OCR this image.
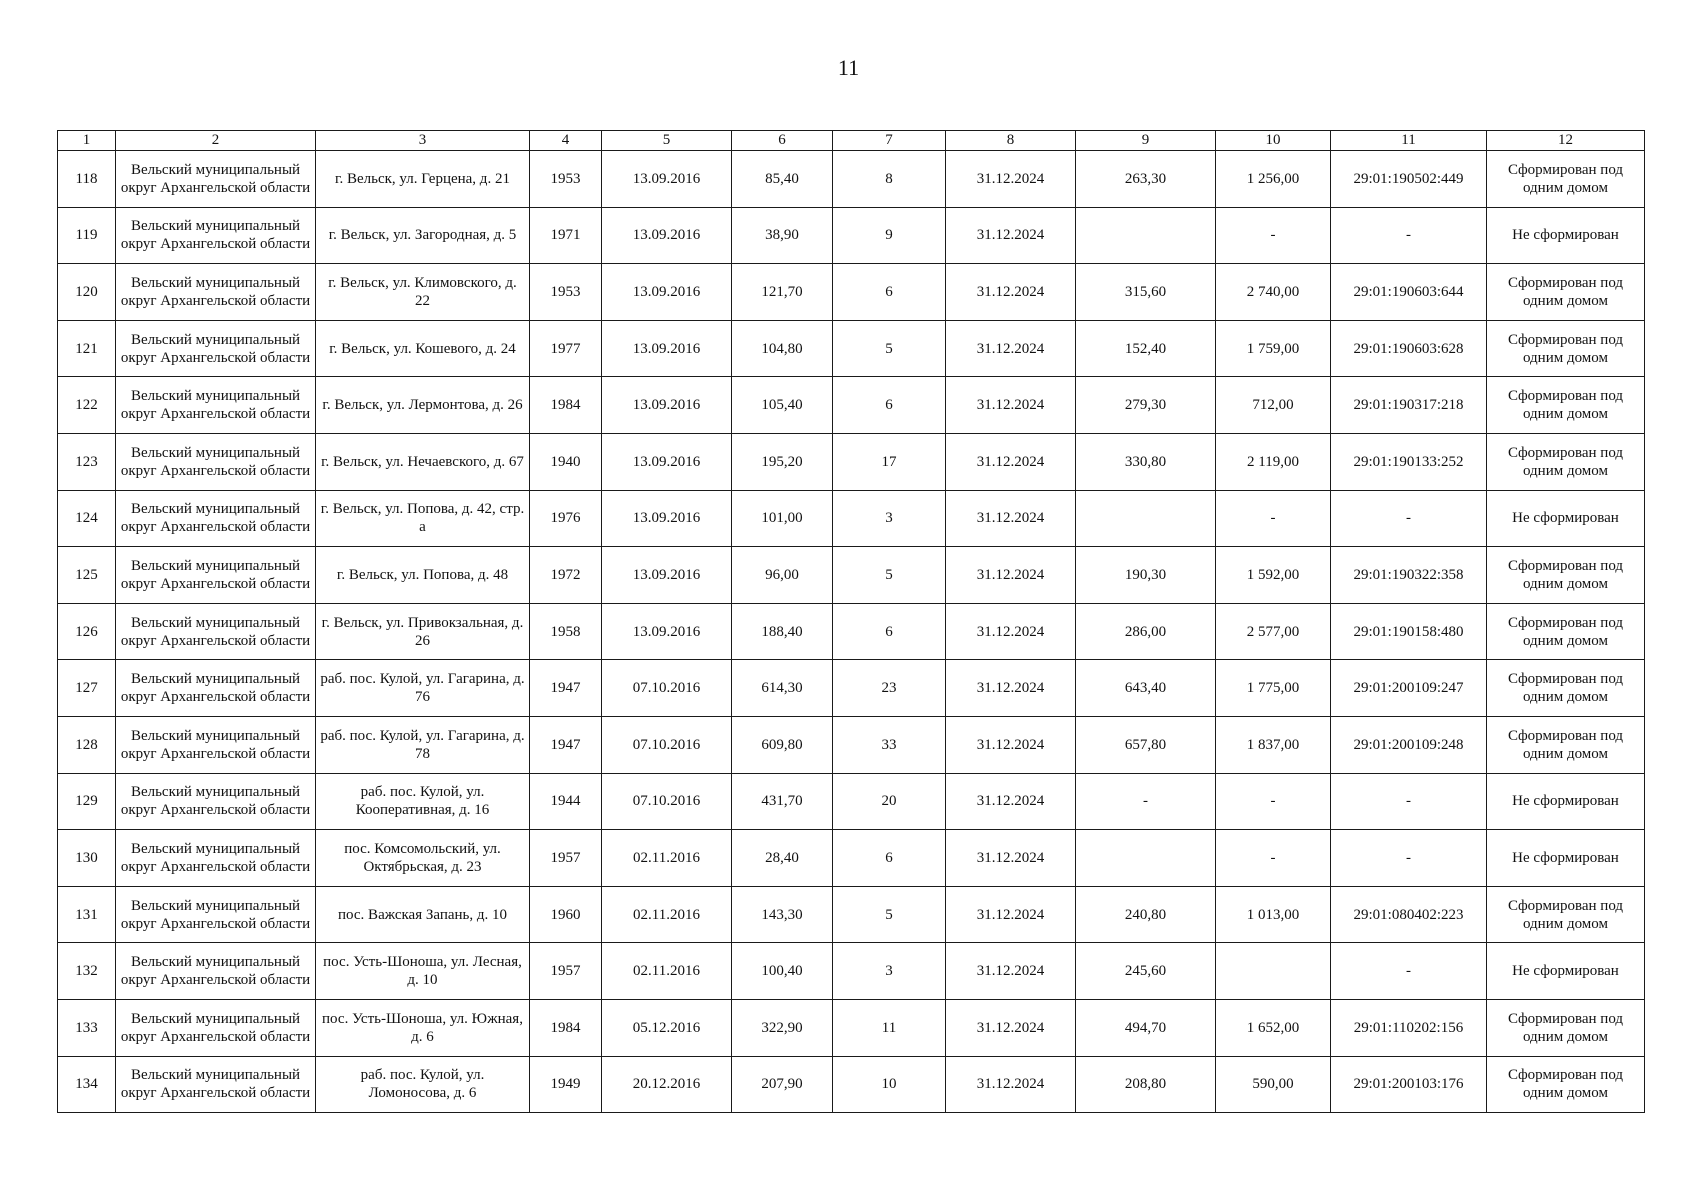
11
1	2	3	4	5	6	7	8	9	10	11	12
118	Вельский муниципальный округ Архангельской области	г. Вельск, ул. Герцена, д. 21	1953	13.09.2016	85,40	8	31.12.2024	263,30	1 256,00	29:01:190502:449	Сформирован под одним домом
119	Вельский муниципальный округ Архангельской области	г. Вельск, ул. Загородная, д. 5	1971	13.09.2016	38,90	9	31.12.2024		-	-	Не сформирован
120	Вельский муниципальный округ Архангельской области	г. Вельск, ул. Климовского, д. 22	1953	13.09.2016	121,70	6	31.12.2024	315,60	2 740,00	29:01:190603:644	Сформирован под одним домом
121	Вельский муниципальный округ Архангельской области	г. Вельск, ул. Кошевого, д. 24	1977	13.09.2016	104,80	5	31.12.2024	152,40	1 759,00	29:01:190603:628	Сформирован под одним домом
122	Вельский муниципальный округ Архангельской области	г. Вельск, ул. Лермонтова, д. 26	1984	13.09.2016	105,40	6	31.12.2024	279,30	712,00	29:01:190317:218	Сформирован под одним домом
123	Вельский муниципальный округ Архангельской области	г. Вельск, ул. Нечаевского, д. 67	1940	13.09.2016	195,20	17	31.12.2024	330,80	2 119,00	29:01:190133:252	Сформирован под одним домом
124	Вельский муниципальный округ Архангельской области	г. Вельск, ул. Попова, д. 42, стр. а	1976	13.09.2016	101,00	3	31.12.2024		-	-	Не сформирован
125	Вельский муниципальный округ Архангельской области	г. Вельск, ул. Попова, д. 48	1972	13.09.2016	96,00	5	31.12.2024	190,30	1 592,00	29:01:190322:358	Сформирован под одним домом
126	Вельский муниципальный округ Архангельской области	г. Вельск, ул. Привокзальная, д. 26	1958	13.09.2016	188,40	6	31.12.2024	286,00	2 577,00	29:01:190158:480	Сформирован под одним домом
127	Вельский муниципальный округ Архангельской области	раб. пос. Кулой, ул. Гагарина, д. 76	1947	07.10.2016	614,30	23	31.12.2024	643,40	1 775,00	29:01:200109:247	Сформирован под одним домом
128	Вельский муниципальный округ Архангельской области	раб. пос. Кулой, ул. Гагарина, д. 78	1947	07.10.2016	609,80	33	31.12.2024	657,80	1 837,00	29:01:200109:248	Сформирован под одним домом
129	Вельский муниципальный округ Архангельской области	раб. пос. Кулой, ул. Кооперативная, д. 16	1944	07.10.2016	431,70	20	31.12.2024	-	-	-	Не сформирован
130	Вельский муниципальный округ Архангельской области	пос. Комсомольский, ул. Октябрьская, д. 23	1957	02.11.2016	28,40	6	31.12.2024		-	-	Не сформирован
131	Вельский муниципальный округ Архангельской области	пос. Важская Запань, д. 10	1960	02.11.2016	143,30	5	31.12.2024	240,80	1 013,00	29:01:080402:223	Сформирован под одним домом
132	Вельский муниципальный округ Архангельской области	пос. Усть-Шоноша, ул. Лесная, д. 10	1957	02.11.2016	100,40	3	31.12.2024	245,60		-	Не сформирован
133	Вельский муниципальный округ Архангельской области	пос. Усть-Шоноша, ул. Южная, д. 6	1984	05.12.2016	322,90	11	31.12.2024	494,70	1 652,00	29:01:110202:156	Сформирован под одним домом
134	Вельский муниципальный округ Архангельской области	раб. пос. Кулой, ул. Ломоносова, д. 6	1949	20.12.2016	207,90	10	31.12.2024	208,80	590,00	29:01:200103:176	Сформирован под одним домом
